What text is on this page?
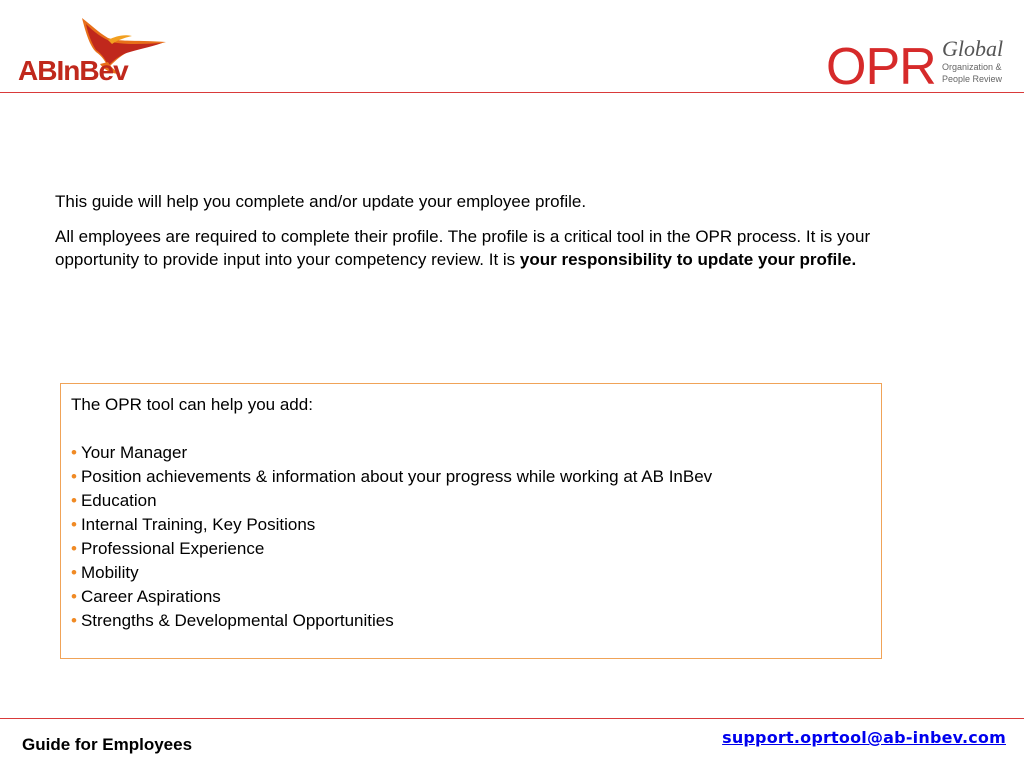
ABInBev	OPR Global
Organization &
People Review

This guide will help you complete and/or update your employee profile.

All employees are required to complete their profile. The profile is a critical tool in the OPR process. It is your opportunity to provide input into your competency review. It is your responsibility to update your profile.

The OPR tool can help you add:

• Your Manager
• Position achievements & information about your progress while working at AB InBev
• Education
• Internal Training, Key Positions
• Professional Experience
• Mobility
• Career Aspirations
• Strengths & Developmental Opportunities
Guide for Employees	support.oprtool@ab-inbev.com
